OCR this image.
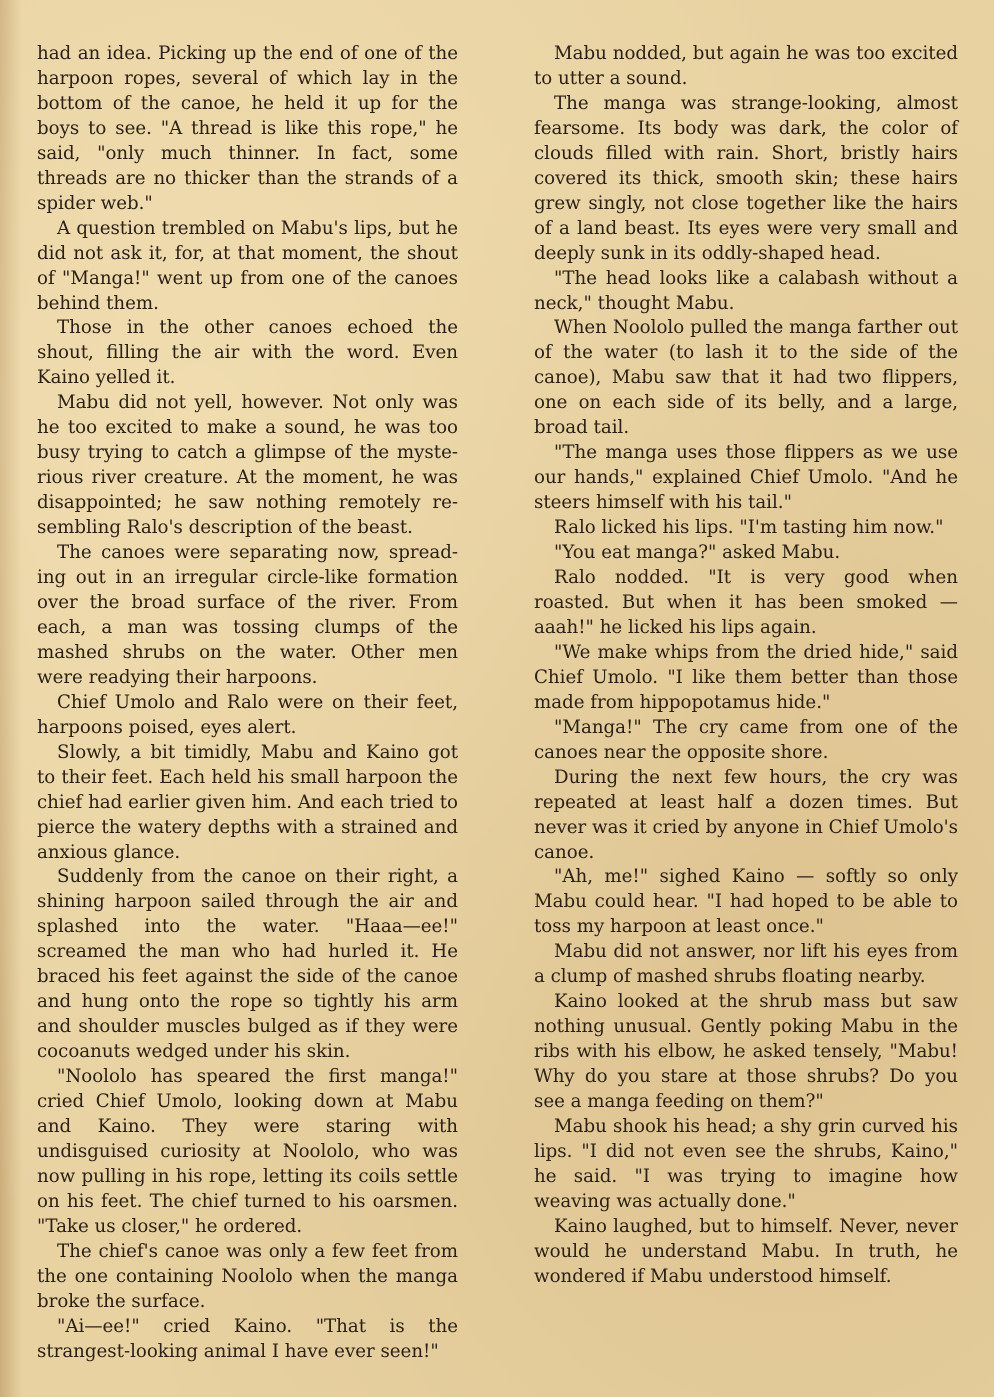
had an idea. Picking up the end of one of the harpoon ropes, several of which lay in the bottom of the canoe, he held it up for the boys to see. "A thread is like this rope," he said, "only much thinner. In fact, some threads are no thicker than the strands of a spider web."

A question trembled on Mabu's lips, but he did not ask it, for, at that moment, the shout of "Manga!" went up from one of the canoes behind them.

Those in the other canoes echoed the shout, filling the air with the word. Even Kaino yelled it.

Mabu did not yell, however. Not only was he too excited to make a sound, he was too busy trying to catch a glimpse of the mysterious river creature. At the moment, he was disappointed; he saw nothing remotely resembling Ralo's description of the beast.

The canoes were separating now, spreading out in an irregular circle-like formation over the broad surface of the river. From each, a man was tossing clumps of the mashed shrubs on the water. Other men were readying their harpoons.

Chief Umolo and Ralo were on their feet, harpoons poised, eyes alert.

Slowly, a bit timidly, Mabu and Kaino got to their feet. Each held his small harpoon the chief had earlier given him. And each tried to pierce the watery depths with a strained and anxious glance.

Suddenly from the canoe on their right, a shining harpoon sailed through the air and splashed into the water. "Haaa—ee!" screamed the man who had hurled it. He braced his feet against the side of the canoe and hung onto the rope so tightly his arm and shoulder muscles bulged as if they were cocoanuts wedged under his skin.

"Noololo has speared the first manga!" cried Chief Umolo, looking down at Mabu and Kaino. They were staring with undisguised curiosity at Noololo, who was now pulling in his rope, letting its coils settle on his feet. The chief turned to his oarsmen. "Take us closer," he ordered.

The chief's canoe was only a few feet from the one containing Noololo when the manga broke the surface.

"Ai—ee!" cried Kaino. "That is the strangest-looking animal I have ever seen!"

Mabu nodded, but again he was too excited to utter a sound.

The manga was strange-looking, almost fearsome. Its body was dark, the color of clouds filled with rain. Short, bristly hairs covered its thick, smooth skin; these hairs grew singly, not close together like the hairs of a land beast. Its eyes were very small and deeply sunk in its oddly-shaped head.

"The head looks like a calabash without a neck," thought Mabu.

When Noololo pulled the manga farther out of the water (to lash it to the side of the canoe), Mabu saw that it had two flippers, one on each side of its belly, and a large, broad tail.

"The manga uses those flippers as we use our hands," explained Chief Umolo. "And he steers himself with his tail."

Ralo licked his lips. "I'm tasting him now."

"You eat manga?" asked Mabu.

Ralo nodded. "It is very good when roasted. But when it has been smoked — aaah!" he licked his lips again.

"We make whips from the dried hide," said Chief Umolo. "I like them better than those made from hippopotamus hide."

"Manga!" The cry came from one of the canoes near the opposite shore.

During the next few hours, the cry was repeated at least half a dozen times. But never was it cried by anyone in Chief Umolo's canoe.

"Ah, me!" sighed Kaino — softly so only Mabu could hear. "I had hoped to be able to toss my harpoon at least once."

Mabu did not answer, nor lift his eyes from a clump of mashed shrubs floating nearby.

Kaino looked at the shrub mass but saw nothing unusual. Gently poking Mabu in the ribs with his elbow, he asked tensely, "Mabu! Why do you stare at those shrubs? Do you see a manga feeding on them?"

Mabu shook his head; a shy grin curved his lips. "I did not even see the shrubs, Kaino," he said. "I was trying to imagine how weaving was actually done."

Kaino laughed, but to himself. Never, never would he understand Mabu. In truth, he wondered if Mabu understood himself.
